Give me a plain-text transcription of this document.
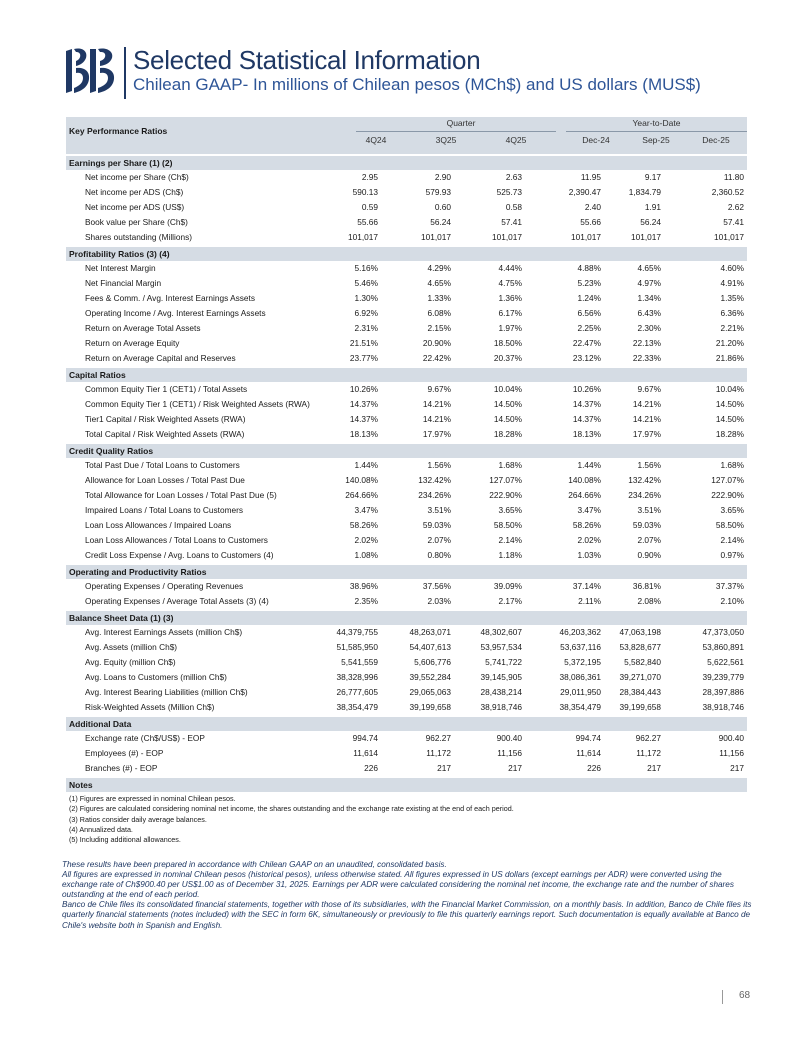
Selected Statistical Information
Chilean GAAP- In millions of Chilean pesos (MCh$) and US dollars (MUS$)
Key Performance Ratios
Quarter	Year-to-Date
4Q24	3Q25	4Q25	Dec-24	Sep-25	Dec-25
Earnings per Share (1) (2)
Net income per Share (Ch$)	2.95	2.90	2.63	11.95	9.17	11.80
Net income per ADS (Ch$)	590.13	579.93	525.73	2,390.47	1,834.79	2,360.52
Net income per ADS (US$)	0.59	0.60	0.58	2.40	1.91	2.62
Book value per Share (Ch$)	55.66	56.24	57.41	55.66	56.24	57.41
Shares outstanding (Millions)	101,017	101,017	101,017	101,017	101,017	101,017
Profitability Ratios (3) (4)
Net Interest Margin	5.16%	4.29%	4.44%	4.88%	4.65%	4.60%
Net Financial Margin	5.46%	4.65%	4.75%	5.23%	4.97%	4.91%
Fees & Comm. / Avg. Interest Earnings Assets	1.30%	1.33%	1.36%	1.24%	1.34%	1.35%
Operating Income / Avg. Interest Earnings Assets	6.92%	6.08%	6.17%	6.56%	6.43%	6.36%
Return on Average Total Assets	2.31%	2.15%	1.97%	2.25%	2.30%	2.21%
Return on Average Equity	21.51%	20.90%	18.50%	22.47%	22.13%	21.20%
Return on Average Capital and Reserves	23.77%	22.42%	20.37%	23.12%	22.33%	21.86%
Capital Ratios
Common Equity Tier 1 (CET1) / Total Assets	10.26%	9.67%	10.04%	10.26%	9.67%	10.04%
Common Equity Tier 1 (CET1) / Risk Weighted Assets (RWA)	14.37%	14.21%	14.50%	14.37%	14.21%	14.50%
Tier1 Capital / Risk Weighted Assets (RWA)	14.37%	14.21%	14.50%	14.37%	14.21%	14.50%
Total Capital / Risk Weighted Assets (RWA)	18.13%	17.97%	18.28%	18.13%	17.97%	18.28%
Credit Quality Ratios
Total Past Due / Total Loans to Customers	1.44%	1.56%	1.68%	1.44%	1.56%	1.68%
Allowance for Loan Losses / Total Past Due	140.08%	132.42%	127.07%	140.08%	132.42%	127.07%
Total Allowance for Loan Losses / Total Past Due (5)	264.66%	234.26%	222.90%	264.66%	234.26%	222.90%
Impaired Loans / Total Loans to Customers	3.47%	3.51%	3.65%	3.47%	3.51%	3.65%
Loan Loss Allowances / Impaired Loans	58.26%	59.03%	58.50%	58.26%	59.03%	58.50%
Loan Loss Allowances / Total Loans to Customers	2.02%	2.07%	2.14%	2.02%	2.07%	2.14%
Credit Loss Expense / Avg. Loans to Customers (4)	1.08%	0.80%	1.18%	1.03%	0.90%	0.97%
Operating and Productivity Ratios
Operating Expenses / Operating Revenues	38.96%	37.56%	39.09%	37.14%	36.81%	37.37%
Operating Expenses / Average Total Assets (3) (4)	2.35%	2.03%	2.17%	2.11%	2.08%	2.10%
Balance Sheet Data (1) (3)
Avg. Interest Earnings Assets (million Ch$)	44,379,755	48,263,071	48,302,607	46,203,362	47,063,198	47,373,050
Avg. Assets (million Ch$)	51,585,950	54,407,613	53,957,534	53,637,116	53,828,677	53,860,891
Avg. Equity (million Ch$)	5,541,559	5,606,776	5,741,722	5,372,195	5,582,840	5,622,561
Avg. Loans to Customers (million Ch$)	38,328,996	39,552,284	39,145,905	38,086,361	39,271,070	39,239,779
Avg. Interest Bearing Liabilities (million Ch$)	26,777,605	29,065,063	28,438,214	29,011,950	28,384,443	28,397,886
Risk-Weighted Assets (Million Ch$)	38,354,479	39,199,658	38,918,746	38,354,479	39,199,658	38,918,746
Additional Data
Exchange rate (Ch$/US$) - EOP	994.74	962.27	900.40	994.74	962.27	900.40
Employees (#) - EOP	11,614	11,172	11,156	11,614	11,172	11,156
Branches (#) - EOP	226	217	217	226	217	217
Notes
(1) Figures are expressed in nominal Chilean pesos.
(2) Figures are calculated considering nominal net income, the shares outstanding and the exchange rate existing at the end of each period.
(3) Ratios consider daily average balances.
(4) Annualized data.
(5) Including additional allowances.
These results have been prepared in accordance with Chilean GAAP on an unaudited, consolidated basis.
All figures are expressed in nominal Chilean pesos (historical pesos), unless otherwise stated. All figures expressed in US dollars (except earnings per ADR) were converted using the exchange rate of Ch$900.40 per US$1.00 as of December 31, 2025. Earnings per ADR were calculated considering the nominal net income, the exchange rate and the number of shares outstanding at the end of each period.
Banco de Chile files its consolidated financial statements, together with those of its subsidiaries, with the Financial Market Commission, on a monthly basis. In addition, Banco de Chile files its quarterly financial statements (notes included) with the SEC in form 6K, simultaneously or previously to file this quarterly earnings report. Such documentation is equally available at Banco de Chile's website both in Spanish and English.
68
